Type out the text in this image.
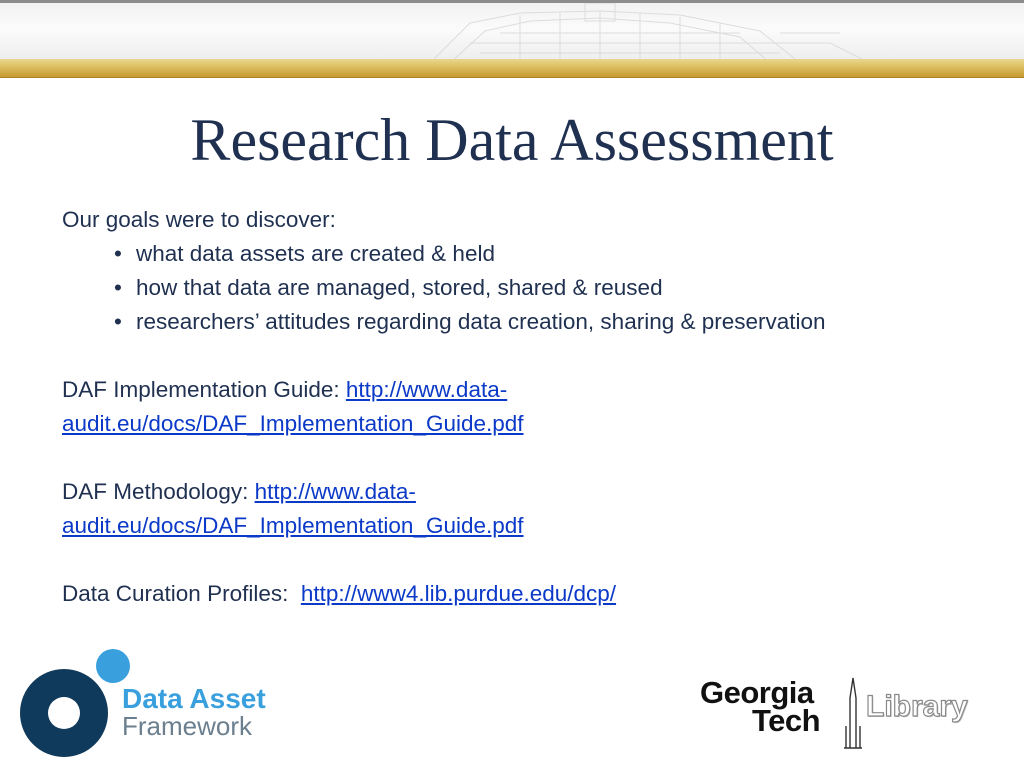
Research Data Assessment

Our goals were to discover:

• what data assets are created & held
• how that data are managed, stored, shared & reused
• researchers’ attitudes regarding data creation, sharing & preservation

DAF Implementation Guide: http://www.data-
audit.eu/docs/DAF_Implementation_Guide.pdf

DAF Methodology: http://www.data-
audit.eu/docs/DAF_Implementation_Guide.pdf

Data Curation Profiles:  http://www4.lib.purdue.edu/dcp/

Data Asset
Framework
Georgia
Tech Library
